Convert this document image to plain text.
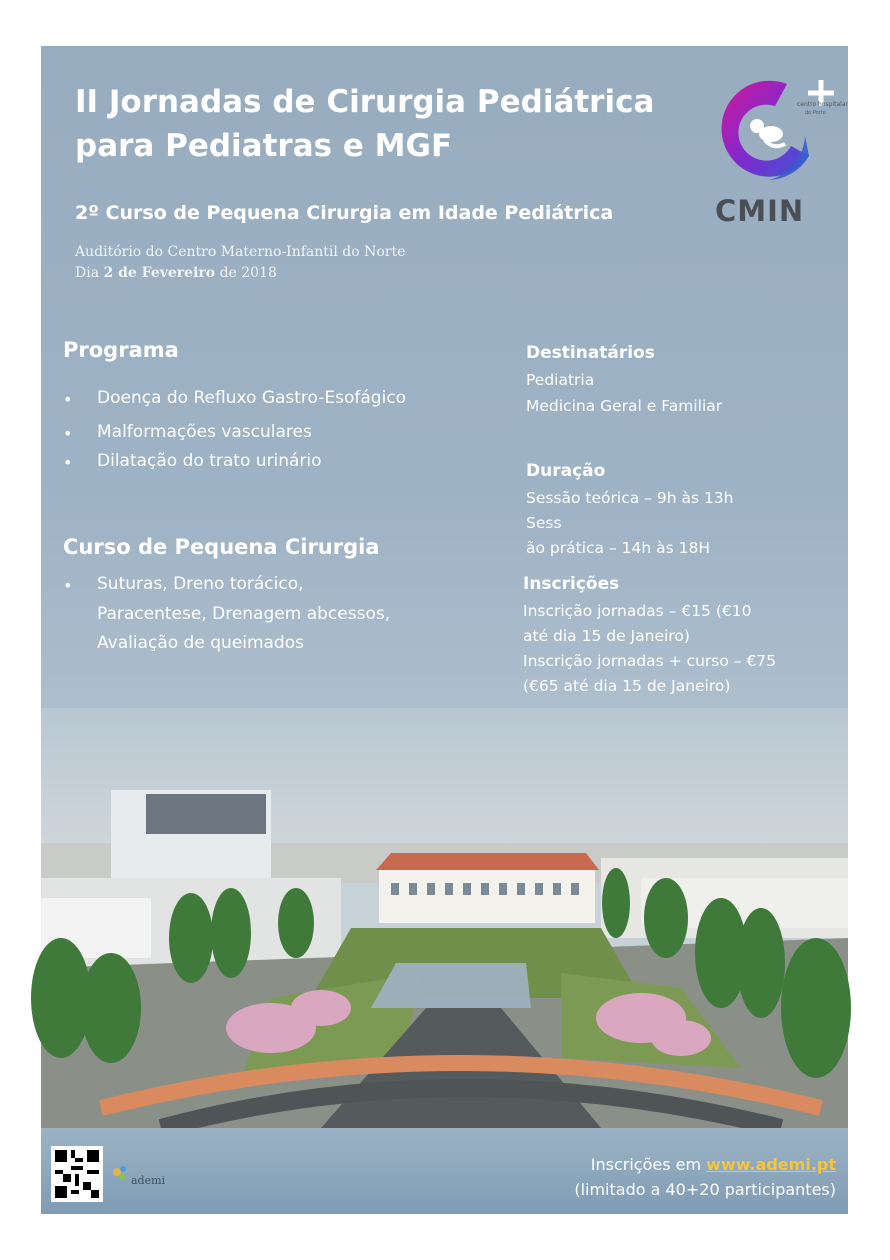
II Jornadas de Cirurgia Pediátrica
para Pediatras e MGF
2º Curso de Pequena Cirurgia em Idade Pediátrica
Auditório do Centro Materno-Infantil do Norte
Dia 2 de Fevereiro de 2018
centro hospitalar
do Porto
CMIN
Programa
• Doença do Refluxo Gastro-Esofágico
• Malformações vasculares
• Dilatação do trato urinário
Curso de Pequena Cirurgia
• Suturas, Dreno torácico,
Paracentese, Drenagem abcessos,
Avaliação de queimados
Destinatários
Pediatria
Medicina Geral e Familiar
Duração
Sessão teórica – 9h às 13h
Sess
ão prática – 14h às 18H
Inscrições
Inscrição jornadas – €15 (€10
até dia 15 de Janeiro)
Inscrição jornadas + curso – €75
(€65 até dia 15 de Janeiro)
ademi
Inscrições em www.ademi.pt
(limitado a 40+20 participantes)
